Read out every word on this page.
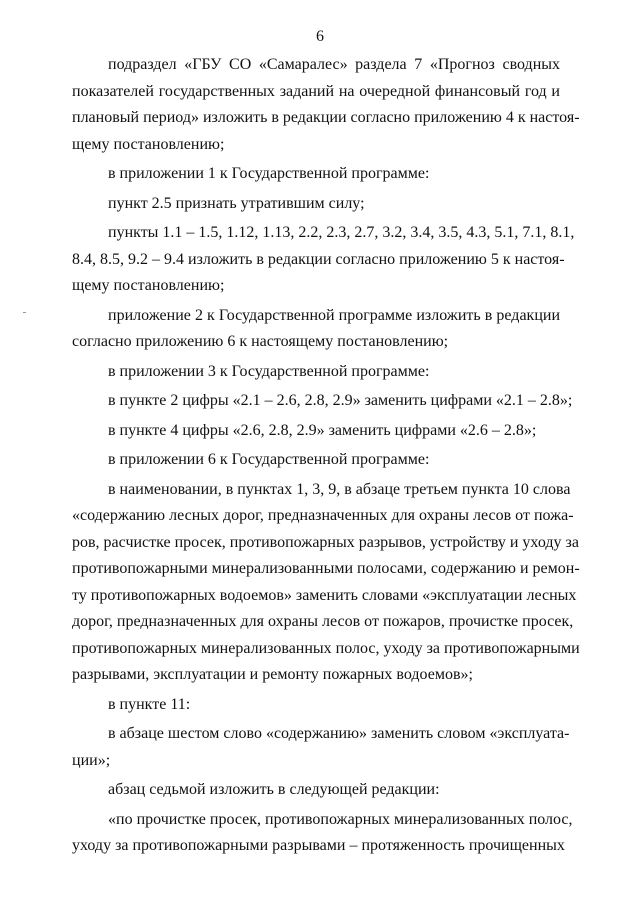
6
подраздел «ГБУ СО «Самаралес» раздела 7 «Прогноз сводных
показателей государственных заданий на очередной финансовый год и
плановый период» изложить в редакции согласно приложению 4 к настоя-
щему постановлению;
в приложении 1 к Государственной программе:
пункт 2.5 признать утратившим силу;
пункты 1.1 – 1.5, 1.12, 1.13, 2.2, 2.3, 2.7, 3.2, 3.4, 3.5, 4.3, 5.1, 7.1, 8.1,
8.4, 8.5, 9.2 – 9.4 изложить в редакции согласно приложению 5 к настоя-
щему постановлению;
приложение 2 к Государственной программе изложить в редакции
согласно приложению 6 к настоящему постановлению;
в приложении 3 к Государственной программе:
в пункте 2 цифры «2.1 – 2.6, 2.8, 2.9» заменить цифрами «2.1 – 2.8»;
в пункте 4 цифры «2.6, 2.8, 2.9» заменить цифрами «2.6 – 2.8»;
в приложении 6 к Государственной программе:
в наименовании, в пунктах 1, 3, 9, в абзаце третьем пункта 10 слова
«содержанию лесных дорог, предназначенных для охраны лесов от пожа-
ров, расчистке просек, противопожарных разрывов, устройству и уходу за
противопожарными минерализованными полосами, содержанию и ремон-
ту противопожарных водоемов» заменить словами «эксплуатации лесных
дорог, предназначенных для охраны лесов от пожаров, прочистке просек,
противопожарных минерализованных полос, уходу за противопожарными
разрывами, эксплуатации и ремонту пожарных водоемов»;
в пункте 11:
в абзаце шестом слово «содержанию» заменить словом «эксплуата-
ции»;
абзац седьмой изложить в следующей редакции:
«по прочистке просек, противопожарных минерализованных полос,
уходу за противопожарными разрывами – протяженность прочищенных
